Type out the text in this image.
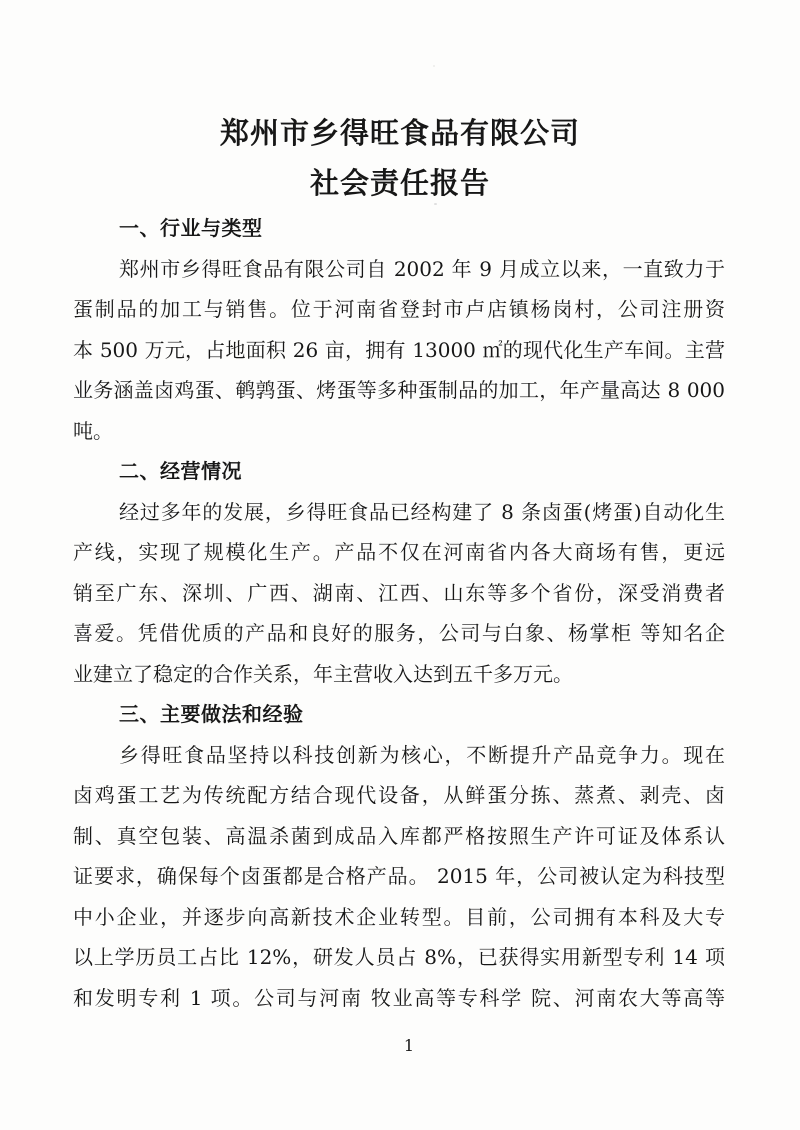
郑州市乡得旺食品有限公司
社会责任报告
一、行业与类型
郑州市乡得旺食品有限公司自 2002 年 9 月成立以来，一直致力于
蛋制品的加工与销售。位于河南省登封市卢店镇杨岗村，公司注册资
本 500 万元，占地面积 26 亩，拥有 13000 ㎡的现代化生产车间。主营
业务涵盖卤鸡蛋、鹌鹑蛋、烤蛋等多种蛋制品的加工，年产量高达 8 000
吨。
二、经营情况
经过多年的发展，乡得旺食品已经构建了 8 条卤蛋(烤蛋)自动化生
产线，实现了规模化生产。产品不仅在河南省内各大商场有售，更远
销至广东、深圳、广西、湖南、江西、山东等多个省份，深受消费者
喜爱。凭借优质的产品和良好的服务，公司与白象、杨掌柜 等知名企
业建立了稳定的合作关系，年主营收入达到五千多万元。
三、主要做法和经验
乡得旺食品坚持以科技创新为核心，不断提升产品竞争力。现在
卤鸡蛋工艺为传统配方结合现代设备，从鲜蛋分拣、蒸煮、剥壳、卤
制、真空包装、高温杀菌到成品入库都严格按照生产许可证及体系认
证要求，确保每个卤蛋都是合格产品。 2015 年，公司被认定为科技型
中小企业，并逐步向高新技术企业转型。目前，公司拥有本科及大专
以上学历员工占比 12%，研发人员占 8%，已获得实用新型专利 14 项
和发明专利 1 项。公司与河南 牧业高等专科学 院、河南农大等高等
1
